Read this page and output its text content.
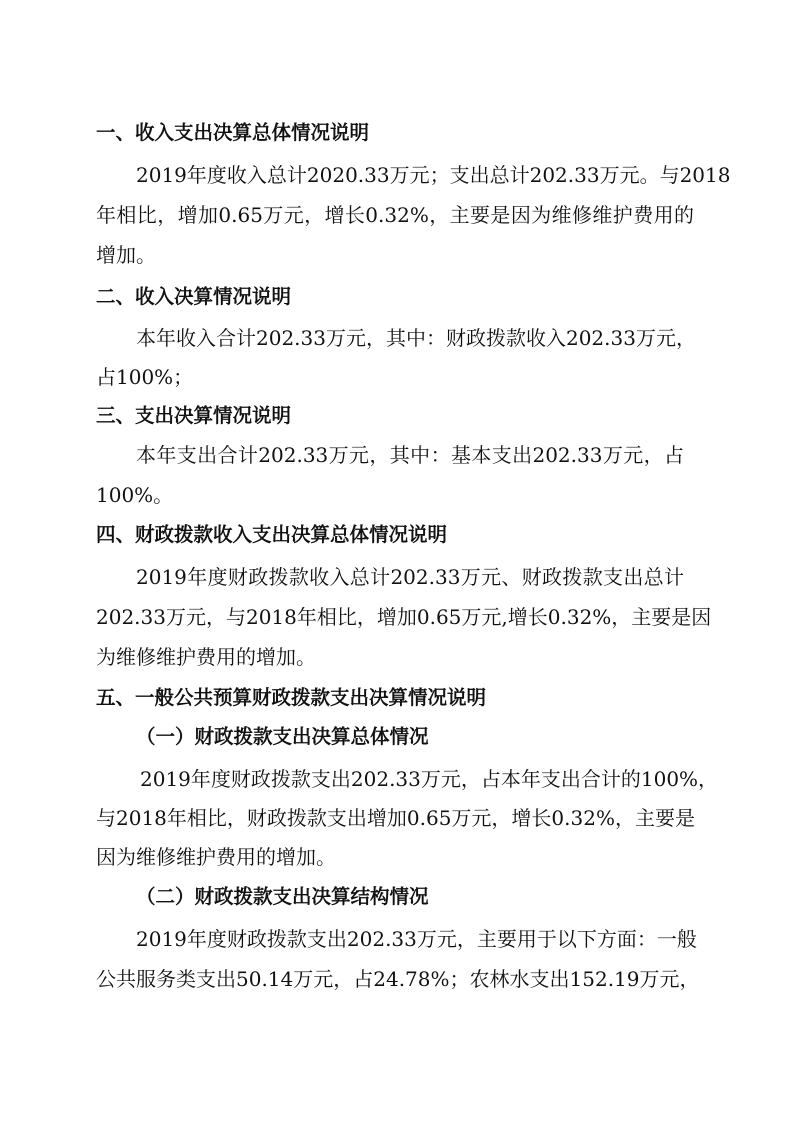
一、收入支出决算总体情况说明
2019年度收入总计2020.33万元；支出总计202.33万元。与2018
年相比，增加0.65万元，增长0.32%，主要是因为维修维护费用的
增加。
二、收入决算情况说明
本年收入合计202.33万元，其中：财政拨款收入202.33万元，
占100%；
三、支出决算情况说明
本年支出合计202.33万元，其中：基本支出202.33万元，占
100%。
四、财政拨款收入支出决算总体情况说明
2019年度财政拨款收入总计202.33万元、财政拨款支出总计
202.33万元，与2018年相比，增加0.65万元,增长0.32%，主要是因
为维修维护费用的增加。
五、一般公共预算财政拨款支出决算情况说明
（一）财政拨款支出决算总体情况
2019年度财政拨款支出202.33万元，占本年支出合计的100%，
与2018年相比，财政拨款支出增加0.65万元，增长0.32%，主要是
因为维修维护费用的增加。
（二）财政拨款支出决算结构情况
2019年度财政拨款支出202.33万元，主要用于以下方面：一般
公共服务类支出50.14万元，占24.78%；农林水支出152.19万元，
